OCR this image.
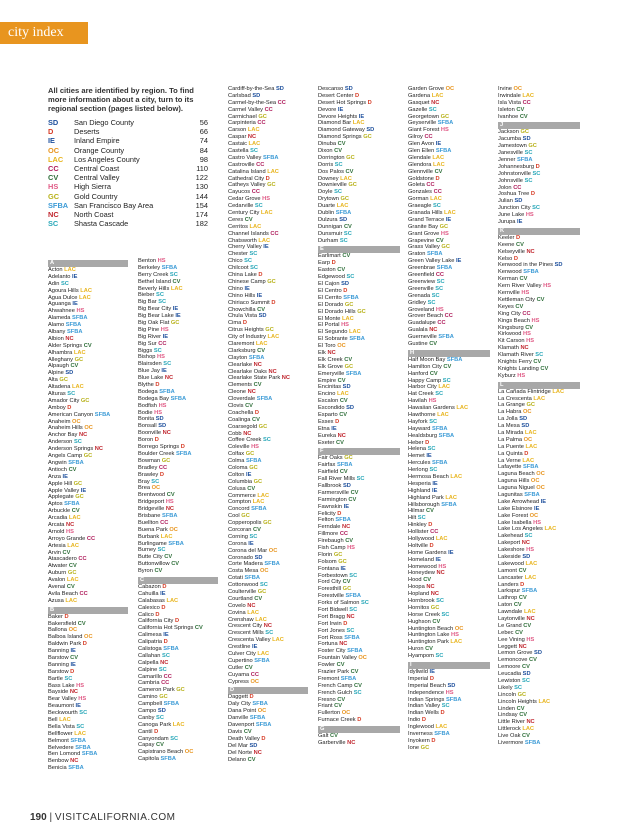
city index
All cities are identified by region. To find more information about a city, turn to its regional section (pages listed below).
SD	San Diego County	56
D	Deserts	66
IE	Inland Empire	74
OC	Orange County	84
LAC	Los Angeles County	98
CC	Central Coast	110
CV	Central Valley	122
HS	High Sierra	130
GC	Gold Country	144
SFBA San Francisco Bay Area	154
NC	North Coast	174
SC	Shasta Cascade	182
A
Acton LAC
Adelanto IE
Adin SC
Agoura Hills LAC
Agua Dulce LAC
Aguanga IE
Ahwahnee HS
Alameda SFBA
Alamo SFBA
Albany SFBA
Albion NC
Alder Springs CV
Alhambra LAC
Alleghany GC
Alpaugh CV
Alpine SD
Alta GC
Altadena LAC
Alturas SC
Amador City GC
Amboy D
American Canyon SFBA
Anaheim OC
Anaheim Hills OC
Anchor Bay NC
Anderson SC
Anderson Springs NC
Angels Camp GC
Angwin SFBA
Antioch CV
Anza IE
Apple Hill GC
Apple Valley IE
Applegate GC
Aptos SFBA
Arbuckle CV
Arcadia LAC
Arcata NC
Arnold HS
Arroyo Grande CC
Artesia LAC
Arvin CV
Atascadero CC
Atwater CV
Auburn GC
Avalon LAC
Avenal CV
Avila Beach CC
Azusa LAC
B
Baker D
Bakersfield CV
Ballona OC
Balboa Island OC
Baldwin Park D
Banning IE
Barstow CV
Banning IE
Barstow D
Bartle SC
Bass Lake HS
Bayside NC
Bear Valley HS
Beaumont IE
Beckwourth SC
Bell LAC
Bella Vista SC
Bellflower LAC
Belmont SFBA
Belvedere SFBA
Ben Lomond SFBA
Benbow NC
Benicia SFBA
Benton HS
Berkeley SFBA
Berry Creek SC
Bethel Island CV
Beverly Hills LAC
Bieber SC
Big Bar SC
Big Bear City IE
Big Bear Lake IE
Big Oak Flat GC
Big Pine HS
Big River IE
Big Sur CC
Biggs SC
Bishop HS
Blairsden SC
Blue Jay IE
Blue Lake NC
Blythe D
Bodega SFBA
Bodega Bay SFBA
Bodfish HS
Bodie HS
Bonita SD
Bonsall SD
Boonville NC
Boron D
Borrego Springs D
Boulder Creek SFBA
Bowman GC
Bradley CC
Brawley D
Bray SC
Brea OC
Brentwood CV
Bridgeport HS
Bridgeville NC
Brisbane SFBA
Buellton CC
Buena Park OC
Burbank LAC
Burlingame SFBA
Burney SC
Butte City CV
Buttonwillow CV
Byron CV
C
Cabazon D
Cahuilla IE
Calabasas LAC
Calexico D
Calico D
California City D
California Hot Springs CV
Calimesa IE
Calipatria D
Calistoga SFBA
Callahan SC
Calpella NC
Calpine SC
Camarillo CC
Cambria CC
Cameron Park GC
Camino GC
Campbell SFBA
Campo SD
Canby SC
Canoga Park LAC
Cantil D
Canyondam SC
Capay CV
Capistrano Beach OC
Capitola SFBA
Cardiff-by-the-Sea SD
Carlsbad SD
Carmel-by-the-Sea CC
Carmel Valley CC
Carmichael GC
Carpinteria CC
Carson LAC
Caspar NC
Castaic LAC
Castella SC
Castro Valley SFBA
Castroville CC
Catalina Island LAC
Cathedral City D
Catheys Valley GC
Cayucos CC
Cedar Grove HS
Cedarville SC
Century City LAC
Ceres CV
Cerritos LAC
Channel Islands CC
Chatsworth LAC
Cherry Valley IE
Chester SC
Chico SC
Chilcoot SC
China Lake D
Chinese Camp GC
Chino IE
Chino Hills IE
Chiriaco Summit D
Chowchilla CV
Chula Vista SD
Cima D
Citrus Heights GC
City of Industry LAC
Claremont LAC
Clarksburg CV
Clayton SFBA
Clearlake NC
Clearlake Oaks NC
Clearlake State Park NC
Clements CV
Cleone NC
Cloverdale SFBA
Clovis CV
Coachella D
Coalinga CV
Coarsegold GC
Cobb NC
Coffee Creek SC
Coleville HS
Colfax GC
Colma SFBA
Coloma GC
Colton IE
Columbia GC
Colusa CV
Commerce LAC
Compton LAC
Concord SFBA
Cool GC
Copperopolis GC
Corcoran CV
Corning SC
Corona IE
Corona del Mar OC
Coronado SD
Corte Madera SFBA
Costa Mesa OC
Cotati SFBA
Cottonwood SC
Coulterville GC
Courtland CV
Covelo NC
Covina LAC
Crenshaw LAC
Crescent City NC
Crescent Mills SC
Crescenta Valley LAC
Crestline IE
Culver City LAC
Cupertino SFBA
Cutler CV
Cuyama CC
Cypress OC
D
Daggett D
Daly City SFBA
Dana Point OC
Danville SFBA
Davenport SFBA
Davis CV
Death Valley D
Del Mar SD
Del Norte NC
Delano CV
Descanso SD
Desert Center D
Desert Hot Springs D
Devore IE
Devore Heights IE
Diamond Bar LAC
Diamond Gateway SD
Diamond Springs GC
Dinuba CV
Dixon CV
Dorrington GC
Dorris SC
Dos Palos CV
Downey LAC
Downieville GC
Doyle SC
Drytown GC
Duarte LAC
Dublin SFBA
Dulzura SD
Dunnigan CV
Dunsmuir SC
Durham SC
E
Earlimart CV
Earp D
Easton CV
Edgewood SC
El Cajon SD
El Centro D
El Cerrito SFBA
El Dorado GC
El Dorado Hills GC
El Monte LAC
El Portal HS
El Segundo LAC
El Sobrante SFBA
El Toro OC
Elk NC
Elk Creek CV
Elk Grove GC
Emeryville SFBA
Empire CV
Encinitas SD
Encino LAC
Escalon CV
Escondido SD
Esparto CV
Essex D
Etna IE
Eureka NC
Exeter CV
F
Fair Oaks GC
Fairfax SFBA
Fairfield CV
Fall River Mills SC
Fallbrook SD
Farmersville CV
Farmington CV
Fawnskin IE
Felicity D
Felton SFBA
Ferndale NC
Fillmore CC
Firebaugh CV
Fish Camp HS
Florin GC
Folsom GC
Fontana IE
Forbestown SC
Ford City CV
Foresthill GC
Forestville SFBA
Forks of Salmon SC
Fort Bidwell SC
Fort Bragg NC
Fort Irwin D
Fort Jones SC
Fort Ross SFBA
Fortuna NC
Foster City SFBA
Fountain Valley OC
Fowler CV
Frazier Park CV
Fremont SFBA
French Camp CV
French Gulch SC
Fresno CV
Friant CV
Fullerton OC
Furnace Creek D
G
Galt CV
Garberville NC
Garden Grove OC
Gardena LAC
Gasquet NC
Gazelle SC
Georgetown GC
Geyserville SFBA
Giant Forest HS
Gilroy CC
Glen Avon IE
Glen Ellen SFBA
Glendale LAC
Glendora LAC
Glennville CV
Goldstone D
Goleta CC
Gonzales CC
Gorman LAC
Graeagle SC
Granada Hills LAC
Grand Terrace IE
Granite Bay GC
Grant Grove HS
Grapevine CV
Grass Valley GC
Graton SFBA
Green Valley Lake IE
Greenbrae SFBA
Greenfield CC
Greenview SC
Greenville SC
Grenada SC
Gridley SC
Groveland HS
Grover Beach CC
Guadalupe CC
Gualala NC
Guerneville SFBA
Gustine CV
H
Half Moon Bay SFBA
Hamilton City CV
Hanford CV
Happy Camp SC
Harbor City LAC
Hat Creek SC
Havilah HS
Hawaiian Gardens LAC
Hawthorne LAC
Hayfork SC
Hayward SFBA
Healdsburg SFBA
Heber D
Helena SC
Hemet IE
Hercules SFBA
Herlong SC
Hermosa Beach LAC
Hesperia IE
Highland IE
Highland Park LAC
Hillsborough SFBA
Hilmar CV
Hilt SC
Hinkley D
Hollister CC
Hollywood LAC
Holtville D
Home Gardens IE
Homeland IE
Homewood HS
Honeydew NC
Hood CV
Hoopa NC
Hopland NC
Hornbrook SC
Hornitos GC
Horse Creek SC
Hughson CV
Huntington Beach OC
Huntington Lake HS
Huntington Park LAC
Huron CV
Hyampom SC
I
Idyllwild IE
Imperial D
Imperial Beach SD
Independence HS
Indian Springs SFBA
Indian Valley SC
Indian Wells D
Indio D
Inglewood LAC
Inverness SFBA
Inyokern D
Ione GC
Irvine OC
Irwindale LAC
Isla Vista CC
Isleton CV
Ivanhoe CV
J
Jackson GC
Jacumba SD
Jamestown GC
Janesville SC
Jenner SFBA
Johannesburg D
Johnstonville SC
Johnsville SC
Jolon CC
Joshua Tree D
Julian SD
Junction City SC
June Lake HS
Jurupa IE
K
Keeler D
Keene CV
Kelseyville NC
Kelso D
Kenwood in the Pines SD
Kenwood SFBA
Kerman CV
Kern River Valley HS
Kernville HS
Kettleman City CV
Keyes CV
King City CC
Kings Beach HS
Kingsburg CV
Kirkwood HS
Kit Carson HS
Klamath NC
Klamath River SC
Knights Ferry CV
Knights Landing CV
Kyburz HS
L
La Cañada Flintridge LAC
La Crescenta LAC
La Grange GC
La Habra OC
La Jolla SD
La Mesa SD
La Mirada LAC
La Palma OC
La Puente LAC
La Quinta D
La Verne LAC
Lafayette SFBA
Laguna Beach OC
Laguna Hills OC
Laguna Niguel OC
Lagunitas SFBA
Lake Arrowhead IE
Lake Elsinore IE
Lake Forest OC
Lake Isabella HS
Lake Los Angeles LAC
Lakehead SC
Lakeport NC
Lakeshore HS
Lakeside SD
Lakewood LAC
Lamont CV
Lancaster LAC
Landers D
Larkspur SFBA
Lathrop CV
Laton CV
Lawndale LAC
Laytonville NC
Le Grand CV
Lebec CV
Lee Vining HS
Leggett NC
Lemon Grove SD
Lemoncove CV
Lemoore CV
Leucadia SD
Lewiston SC
Likely SC
Lincoln GC
Lincoln Heights LAC
Linden CV
Lindsay CV
Little River NC
Littlerock LAC
Live Oak CV
Livermore SFBA
190 | VISITCALIFORNIA.COM
